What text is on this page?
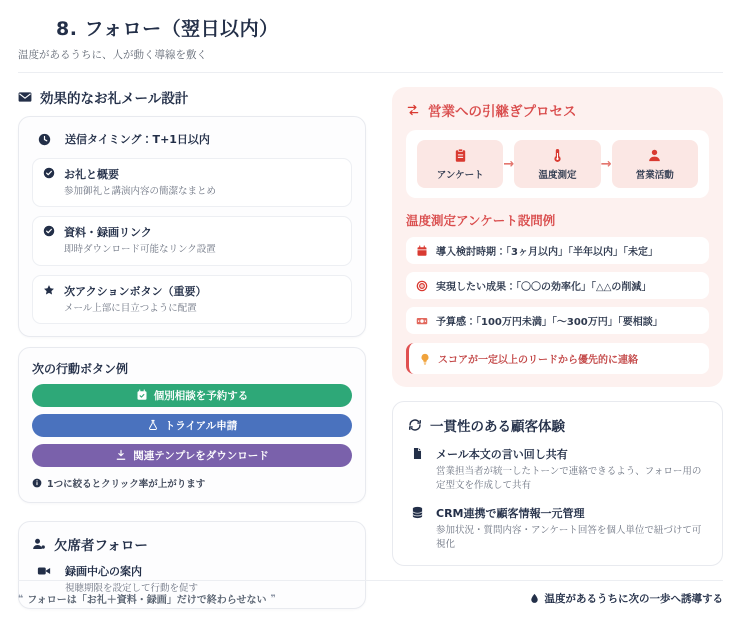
8. フォロー（翌日以内）

温度があるうちに、人が動く導線を敷く

効果的なお礼メール設計
送信タイミング：T+1日以内
お礼と概要
参加御礼と講演内容の簡潔なまとめ
資料・録画リンク
即時ダウンロード可能なリンク設置
次アクションボタン（重要）
メール上部に目立つように配置
次の行動ボタン例
個別相談を予約する
トライアル申請
関連テンプレをダウンロード
1つに絞るとクリック率が上がります
欠席者フォロー
録画中心の案内
視聴期限を設定して行動を促す
営業への引継ぎプロセス
アンケート
→
温度測定
→
営業活動
温度測定アンケート設問例
導入検討時期：「3ヶ月以内」「半年以内」「未定」
実現したい成果：「〇〇の効率化」「△△の削減」
予算感：「100万円未満」「～300万円」「要相談」
スコアが一定以上のリードから優先的に連絡
一貫性のある顧客体験
メール本文の言い回し共有
営業担当者が統一したトーンで連絡できるよう、フォロー用の定型文を作成して共有
CRM連携で顧客情報一元管理
参加状況・質問内容・アンケート回答を個人単位で紐づけて可視化
❝ フォローは「お礼＋資料・録画」だけで終わらせない ❞	温度があるうちに次の一歩へ誘導する
